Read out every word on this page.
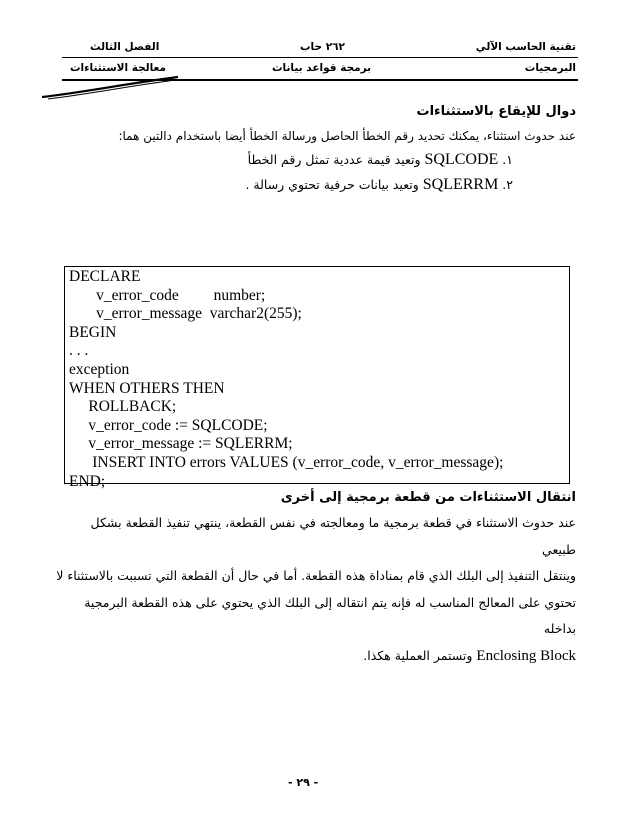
تقنية الحاسب الآلي
٢٦٢ حاب
الفصل الثالث
البرمجيات
برمجة قواعد بيانات
معالجة الاستثناءات
دوال للإيقاع بالاستثناءات
عند حدوث استثناء، يمكنك تحديد رقم الخطأ الحاصل ورسالة الخطأ أيضا باستخدام دالتين هما:
١. SQLCODE وتعيد قيمة عددية تمثل رقم الخطأ
٢. SQLERRM وتعيد بيانات حرفية تحتوي رسالة .
DECLARE
v_error_code         number;
v_error_message  varchar2(255);
BEGIN
. . .
exception
WHEN OTHERS THEN
ROLLBACK;
v_error_code := SQLCODE;
v_error_message := SQLERRM;
INSERT INTO errors VALUES (v_error_code, v_error_message);
END;
انتقال الاستثناءات من قطعة برمجية إلى أخرى
عند حدوث الاستثناء في قطعة برمجية ما ومعالجته في نفس القطعة، ينتهي تنفيذ القطعة بشكل طبيعي
وينتقل التنفيذ إلى البلك الذي قام بمناداة هذه القطعة. أما في حال أن القطعة التي تسببت بالاستثناء لا
تحتوي على المعالج المناسب له فإنه يتم انتقاله إلى البلك الذي يحتوي على هذه القطعة البرمجية بداخله
Enclosing Block وتستمر العملية هكذا.
- ٢٩ -
